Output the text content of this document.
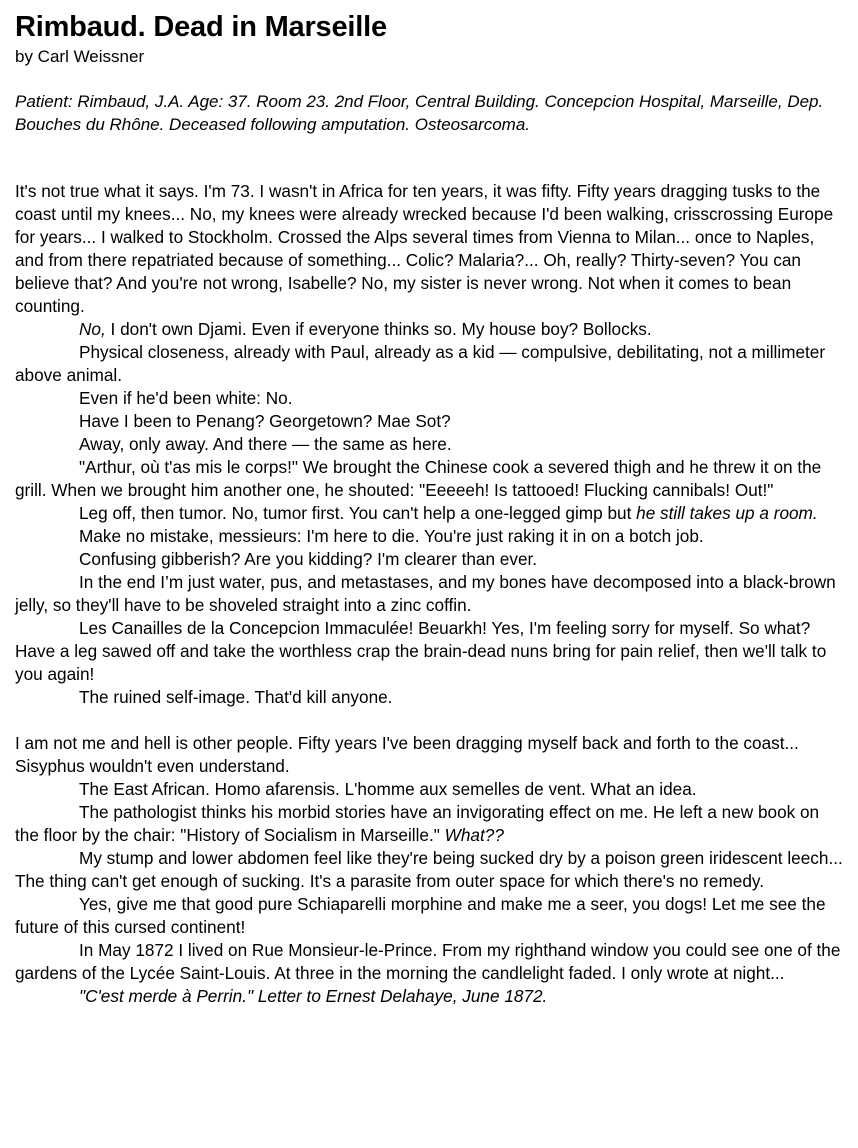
Rimbaud. Dead in Marseille
by Carl Weissner
Patient: Rimbaud, J.A. Age: 37. Room 23. 2nd Floor, Central Building. Concepcion Hospital, Marseille, Dep. Bouches du Rhône. Deceased following amputation. Osteosarcoma.

It's not true what it says. I'm 73. I wasn't in Africa for ten years, it was fifty. Fifty years dragging tusks to the coast until my knees... No, my knees were already wrecked because I'd been walking, crisscrossing Europe for years... I walked to Stockholm. Crossed the Alps several times from Vienna to Milan... once to Naples, and from there repatriated because of something... Colic? Malaria?... Oh, really? Thirty-seven? You can believe that? And you're not wrong, Isabelle? No, my sister is never wrong. Not when it comes to bean counting.

No, I don't own Djami. Even if everyone thinks so. My house boy? Bollocks.

Physical closeness, already with Paul, already as a kid — compulsive, debilitating, not a millimeter above animal.

Even if he'd been white: No.

Have I been to Penang? Georgetown? Mae Sot?

Away, only away. And there — the same as here.

"Arthur, où t'as mis le corps!" We brought the Chinese cook a severed thigh and he threw it on the grill. When we brought him another one, he shouted: "Eeeeeh! Is tattooed! Flucking cannibals! Out!"

Leg off, then tumor. No, tumor first. You can't help a one-legged gimp but he still takes up a room.

Make no mistake, messieurs: I'm here to die. You're just raking it in on a botch job.

Confusing gibberish? Are you kidding? I'm clearer than ever.

In the end I’m just water, pus, and metastases, and my bones have decomposed into a black-brown jelly, so they'll have to be shoveled straight into a zinc coffin.

Les Canailles de la Concepcion Immaculée! Beuarkh! Yes, I'm feeling sorry for myself. So what? Have a leg sawed off and take the worthless crap the brain-dead nuns bring for pain relief, then we'll talk to you again!

The ruined self-image. That'd kill anyone.

I am not me and hell is other people. Fifty years I've been dragging myself back and forth to the coast... Sisyphus wouldn't even understand.

The East African. Homo afarensis. L'homme aux semelles de vent. What an idea.

The pathologist thinks his morbid stories have an invigorating effect on me. He left a new book on the floor by the chair: "History of Socialism in Marseille." What??

My stump and lower abdomen feel like they're being sucked dry by a poison green iridescent leech... The thing can't get enough of sucking. It's a parasite from outer space for which there's no remedy.

Yes, give me that good pure Schiaparelli morphine and make me a seer, you dogs! Let me see the future of this cursed continent!

In May 1872 I lived on Rue Monsieur-le-Prince. From my righthand window you could see one of the gardens of the Lycée Saint-Louis. At three in the morning the candlelight faded. I only wrote at night...

"C'est merde à Perrin." Letter to Ernest Delahaye, June 1872.
